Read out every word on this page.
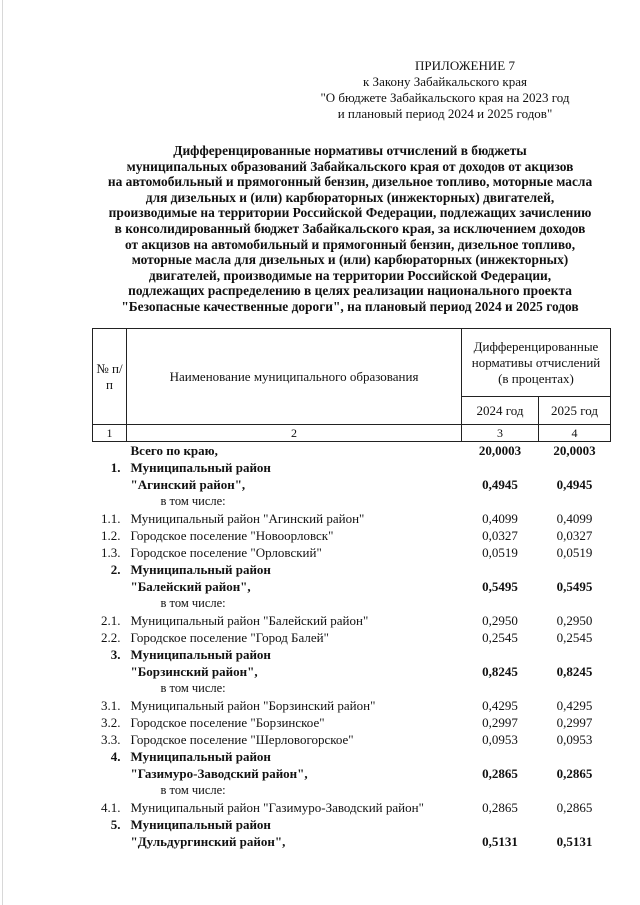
ПРИЛОЖЕНИЕ 7
к Закону Забайкальского края
"О бюджете Забайкальского края на 2023 год
и плановый период 2024 и 2025 годов"
Дифференцированные нормативы отчислений в бюджеты
муниципальных образований Забайкальского края от доходов от акцизов
на автомобильный и прямогонный бензин, дизельное топливо, моторные масла
для дизельных и (или) карбюраторных (инжекторных) двигателей,
производимые на территории Российской Федерации, подлежащих зачислению
в консолидированный бюджет Забайкальского края, за исключением доходов
от акцизов на автомобильный и прямогонный бензин, дизельное топливо,
моторные масла для дизельных и (или) карбюраторных (инжекторных)
двигателей, производимые на территории Российской Федерации,
подлежащих распределению в целях реализации национального проекта
"Безопасные качественные дороги", на плановый период 2024 и 2025 годов
№ п/п	Наименование муниципального образования	Дифференцированные нормативы отчислений (в процентах)	
		2024 год	2025 год
1	2	3	4
	Всего по краю,	20,0003	20,0003
1.	Муниципальный район		
	"Агинский район",	0,4945	0,4945
	в том числе:		
1.1.	Муниципальный район "Агинский район"	0,4099	0,4099
1.2.	Городское поселение "Новоорловск"	0,0327	0,0327
1.3.	Городское поселение "Орловский"	0,0519	0,0519
2.	Муниципальный район		
	"Балейский район",	0,5495	0,5495
	в том числе:		
2.1.	Муниципальный район "Балейский район"	0,2950	0,2950
2.2.	Городское поселение "Город Балей"	0,2545	0,2545
3.	Муниципальный район		
	"Борзинский район",	0,8245	0,8245
	в том числе:		
3.1.	Муниципальный район "Борзинский район"	0,4295	0,4295
3.2.	Городское поселение "Борзинское"	0,2997	0,2997
3.3.	Городское поселение "Шерловогорское"	0,0953	0,0953
4.	Муниципальный район		
	"Газимуро-Заводский район",	0,2865	0,2865
	в том числе:		
4.1.	Муниципальный район "Газимуро-Заводский район"	0,2865	0,2865
5.	Муниципальный район		
	"Дульдургинский район",	0,5131	0,5131
